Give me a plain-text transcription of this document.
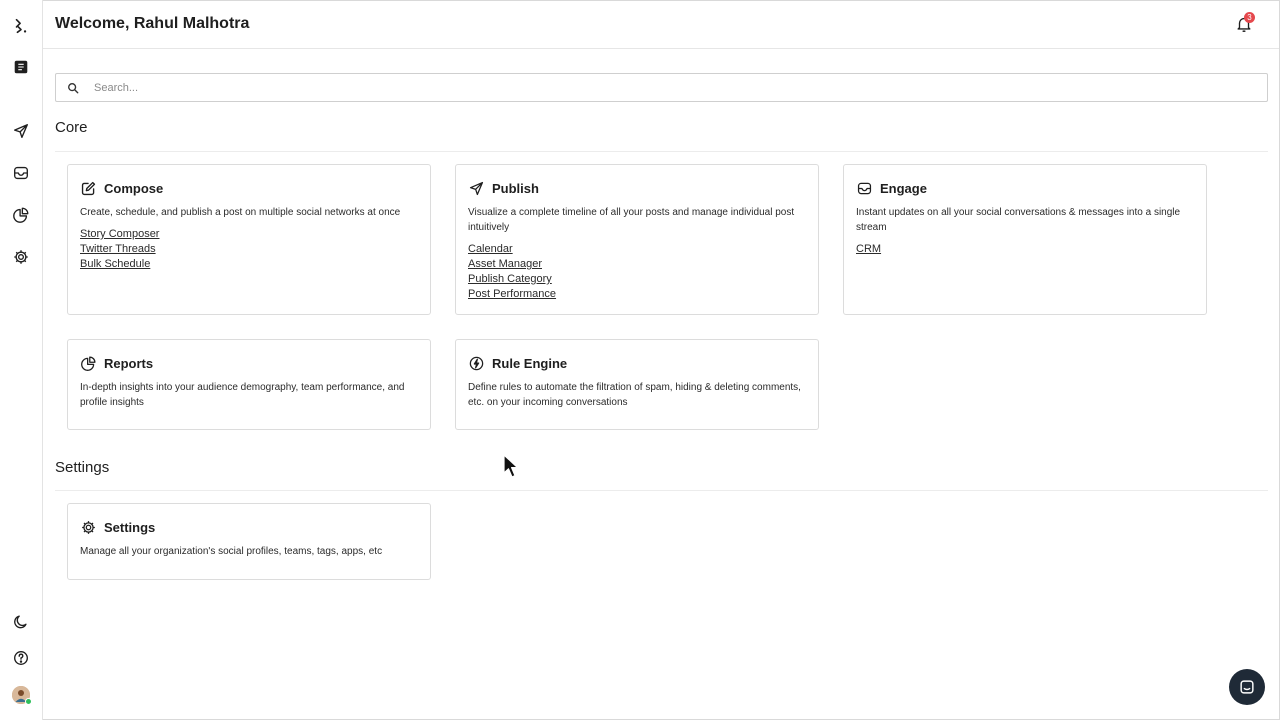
Welcome, Rahul Malhotra	3
Search...
Core
Compose

Create, schedule, and publish a post on multiple social networks at once

Story Composer
Twitter Threads
Bulk Schedule
Publish

Visualize a complete timeline of all your posts and manage individual post intuitively

Calendar
Asset Manager
Publish Category
Post Performance
Engage

Instant updates on all your social conversations & messages into a single stream

CRM
Reports

In-depth insights into your audience demography, team performance, and profile insights

Rule Engine

Define rules to automate the filtration of spam, hiding & deleting comments, etc. on your incoming conversations

Settings
Settings

Manage all your organization's social profiles, teams, tags, apps, etc
